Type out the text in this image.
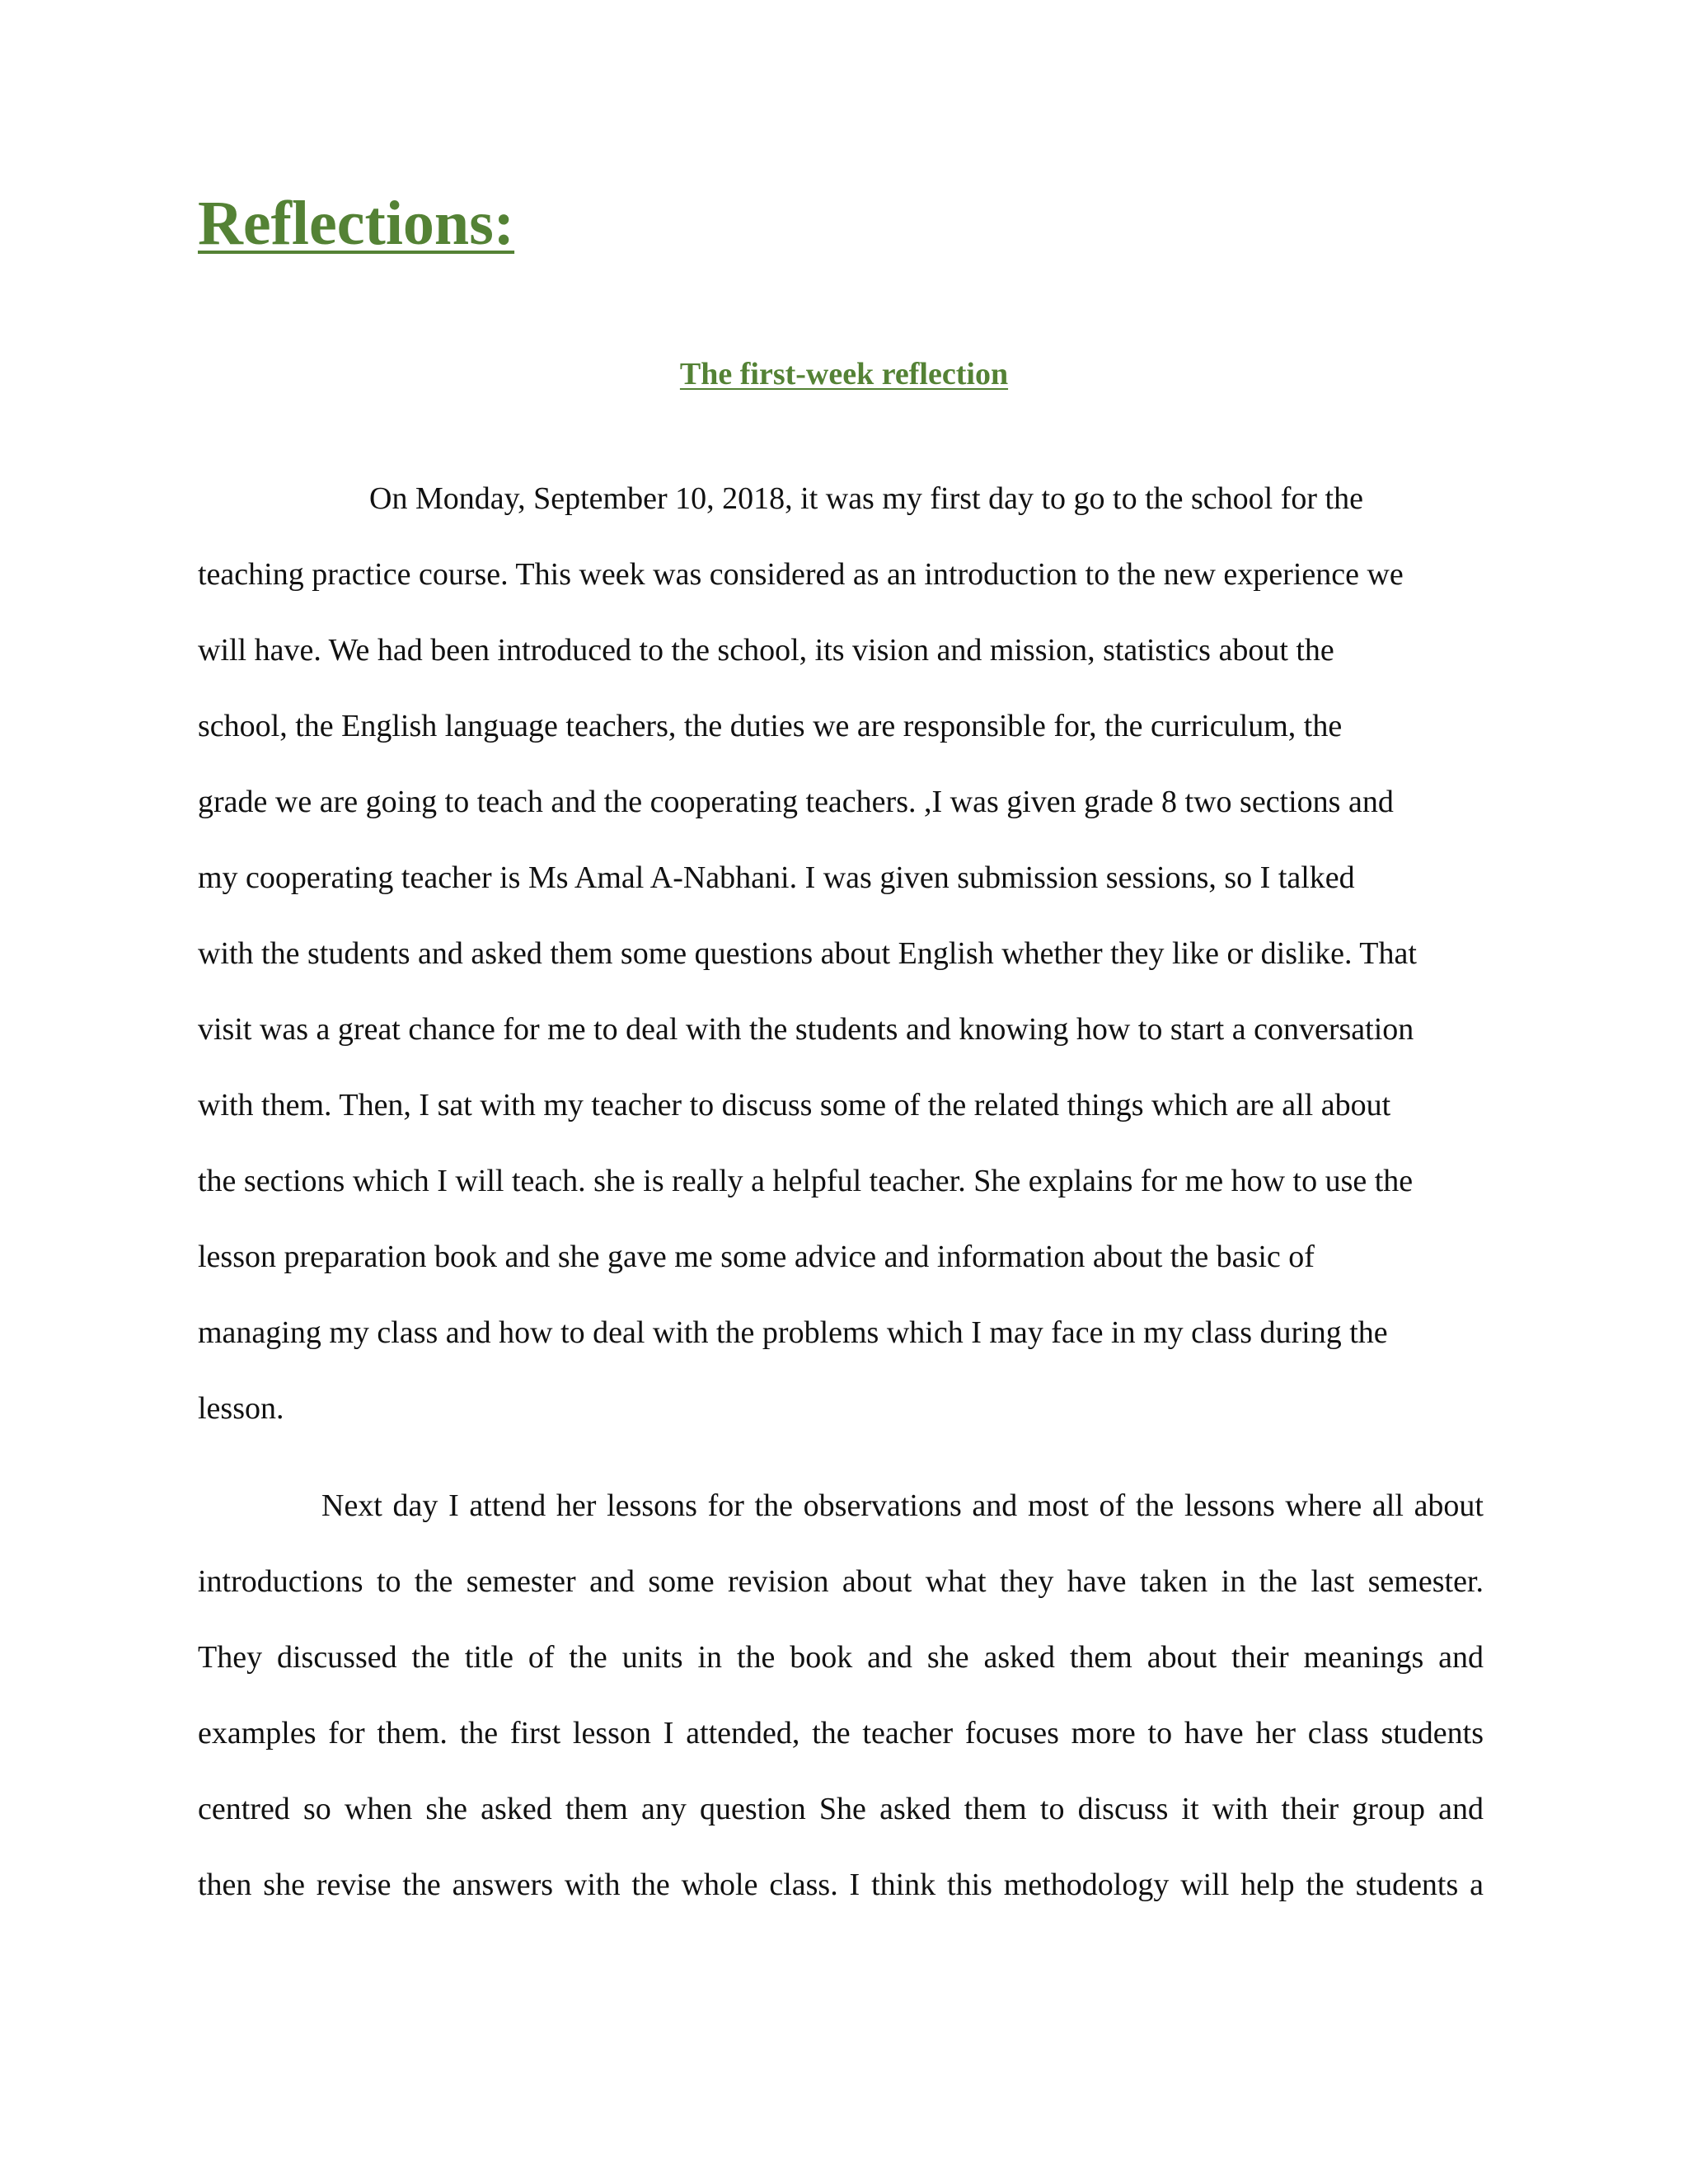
Reflections:
The first-week reflection

On Monday, September 10, 2018, it was my first day to go to the school for the

teaching practice course. This week was considered as an introduction to the new experience we

will have. We had been introduced to the school, its vision and mission, statistics about the

school, the English language teachers, the duties we are responsible for, the curriculum, the

grade we are going to teach and the cooperating teachers. ,I was given grade 8 two sections and

my cooperating teacher is Ms Amal A-Nabhani. I was given submission sessions, so I talked

with the students and asked them some questions about English whether they like or dislike. That

visit was a great chance for me to deal with the students and knowing how to start a conversation

with them. Then, I sat with my teacher to discuss some of the related things which are all about

the sections which I will teach. she is really a helpful teacher. She explains for me how to use the

lesson preparation book and she gave me some advice and information about the basic of

managing my class and how to deal with the problems which I may face in my class during the

lesson.

Next day I attend her lessons for the observations and most of the lessons where all about

introductions to the semester and some revision about what they have taken in the last semester.

They discussed the title of the units in the book and she asked them about their meanings and

examples for them. the first lesson I attended, the teacher focuses more to have her class students

centred so when she asked them any question She asked them to discuss it with their group and

then she revise the answers with the whole class. I think this methodology will help the students a
